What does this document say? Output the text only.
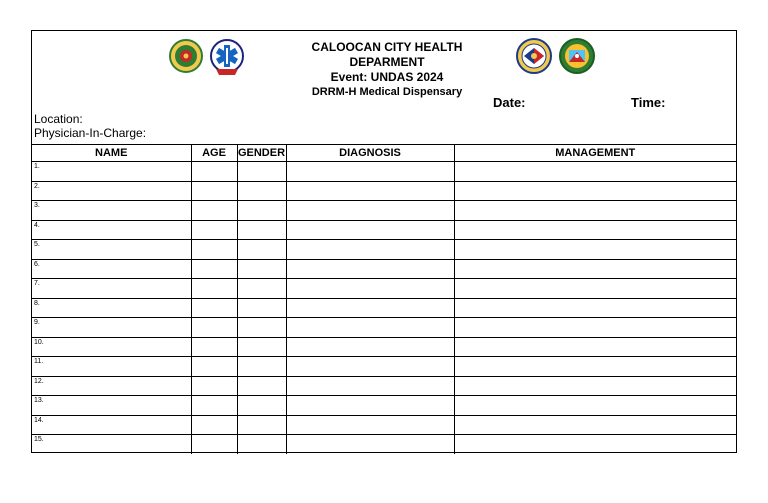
CALOOCAN CITY HEALTH DEPARMENT
Event: UNDAS 2024
DRRM-H Medical Dispensary
Date:	Time:
Location:
Physician-In-Charge:
NAME	AGE	GENDER	DIAGNOSIS	MANAGEMENT
1.				
2.				
3.				
4.				
5.				
6.				
7.				
8.				
9.				
10.				
11.				
12.				
13.				
14.				
15.				
